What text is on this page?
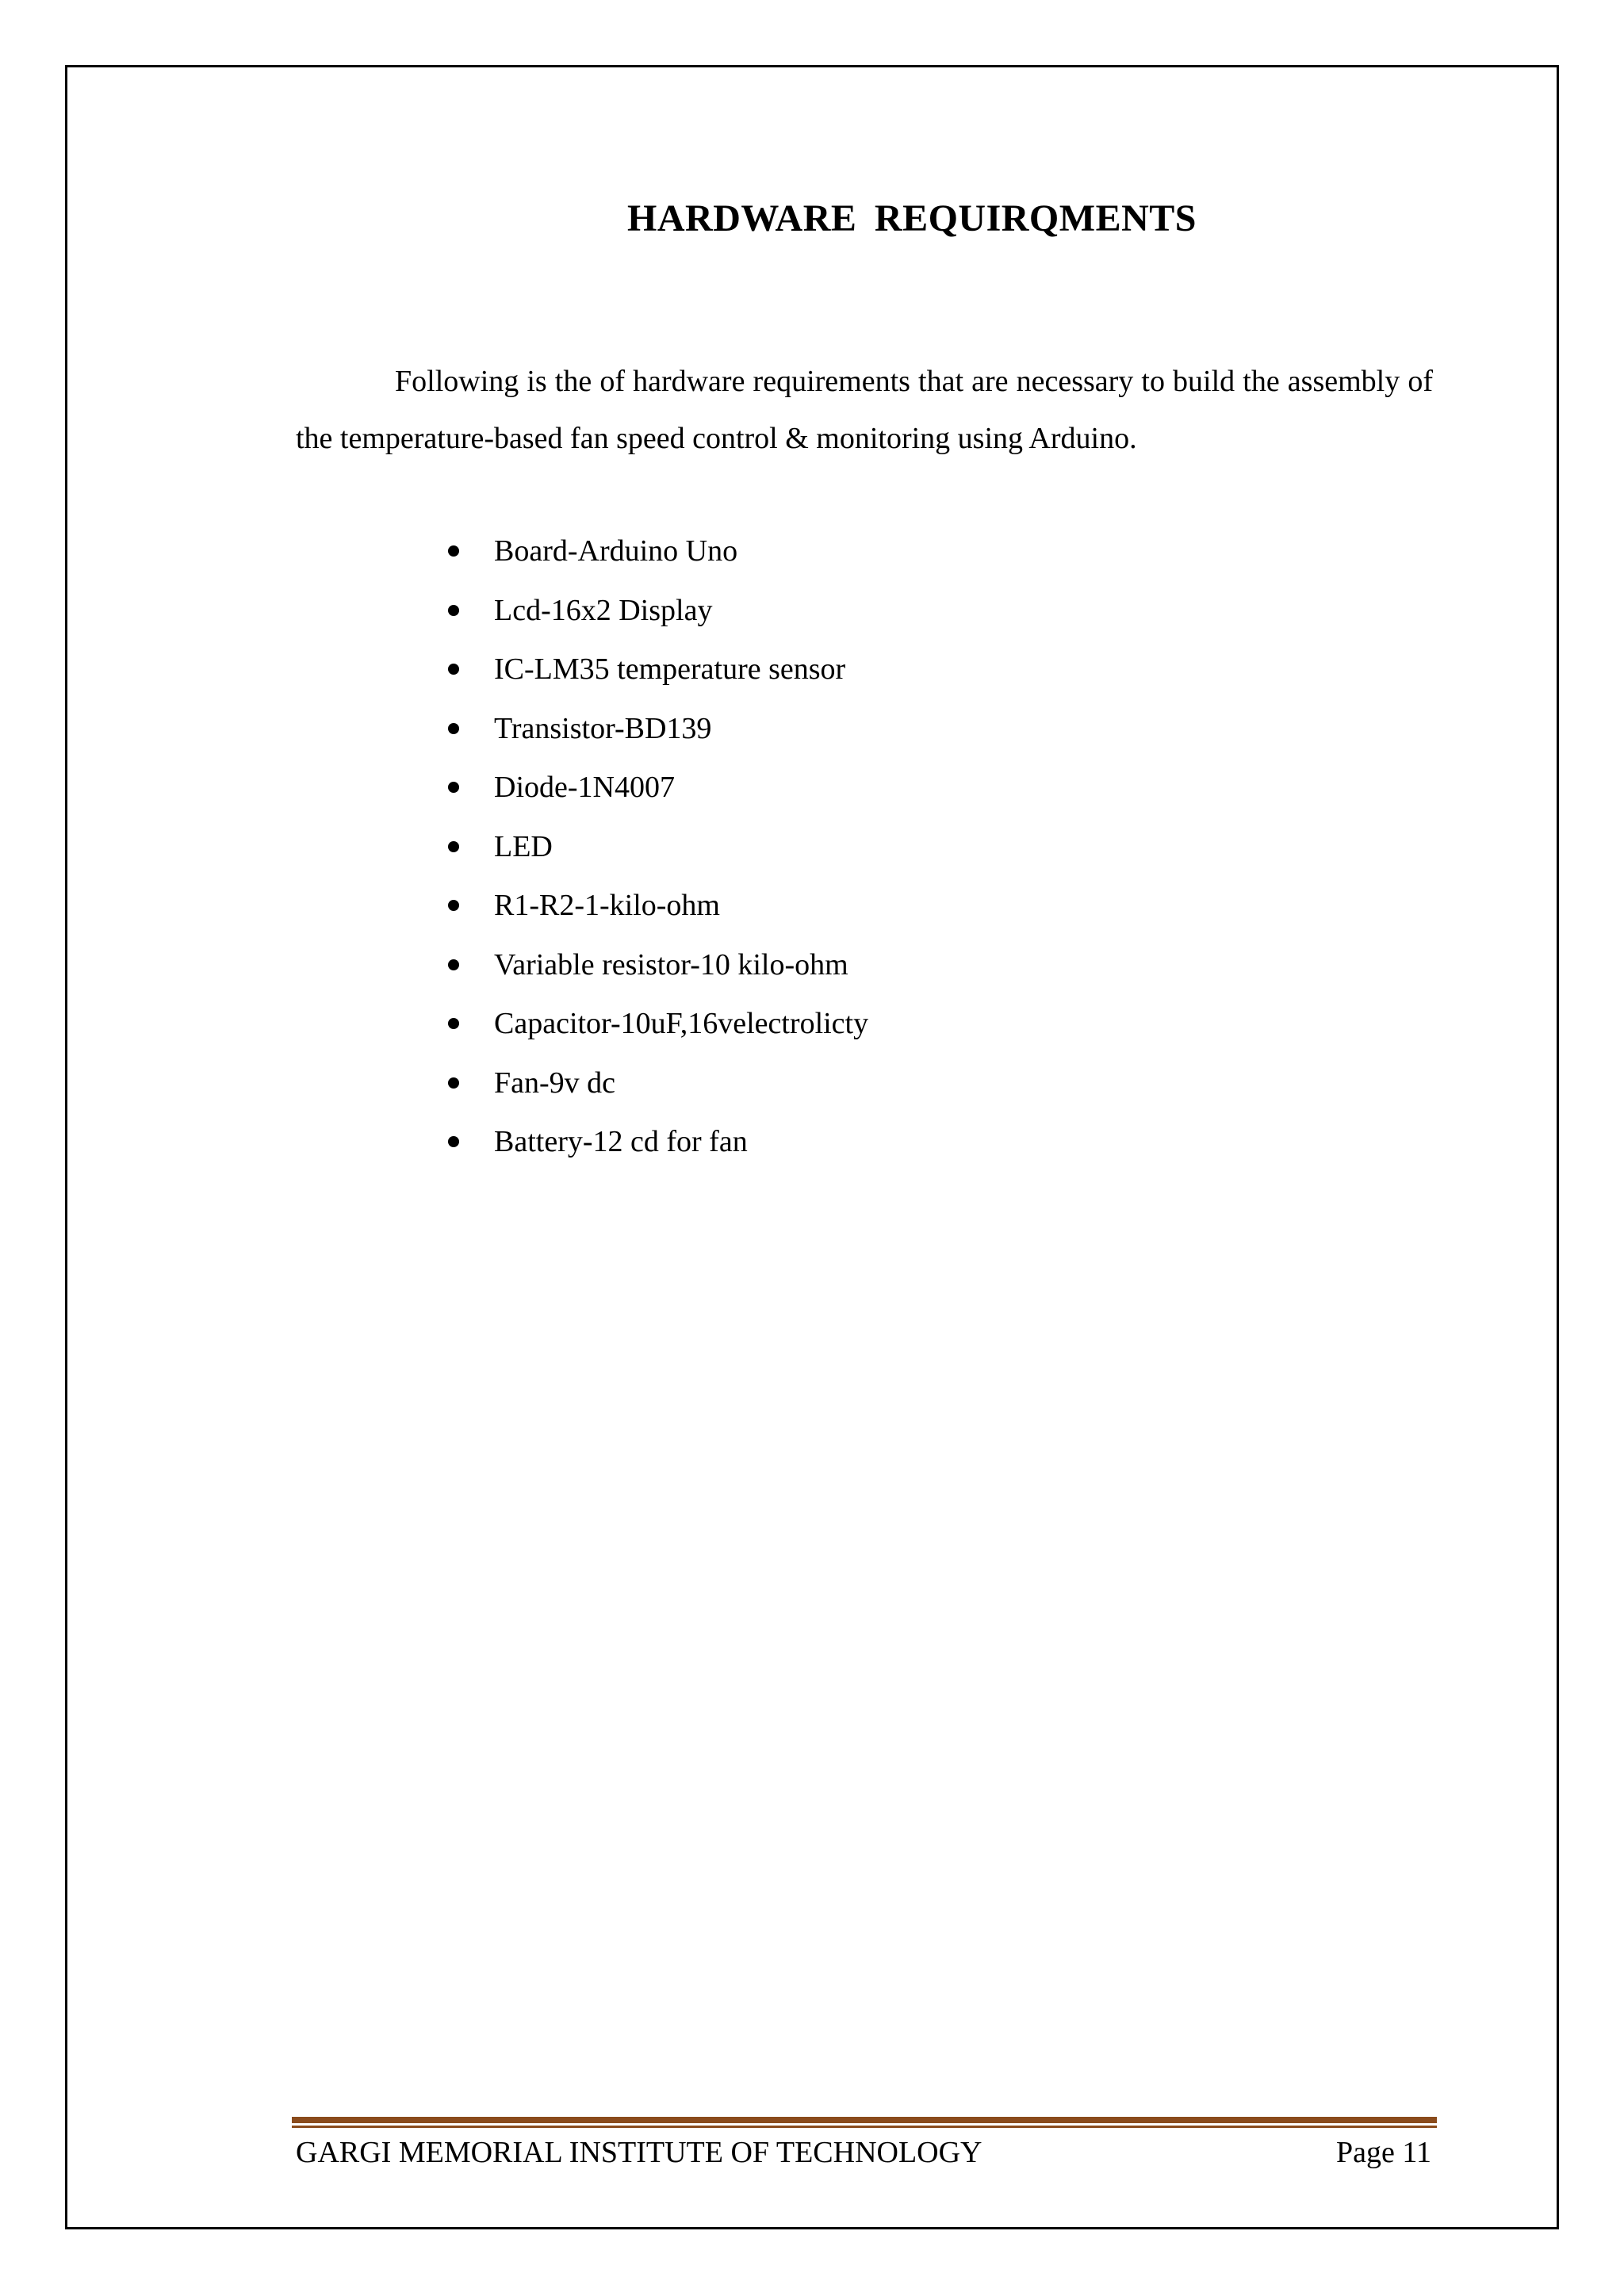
HARDWARE REQUIRQMENTS

Following is the of hardware requirements that are necessary to build the assembly of the temperature-based fan speed control & monitoring using Arduino.

Board-Arduino Uno
Lcd-16x2 Display
IC-LM35 temperature sensor
Transistor-BD139
Diode-1N4007
LED
R1-R2-1-kilo-ohm
Variable resistor-10 kilo-ohm
Capacitor-10uF,16velectrolicty
Fan-9v dc
Battery-12 cd for fan
GARGI MEMORIAL INSTITUTE OF TECHNOLOGY	Page 11
